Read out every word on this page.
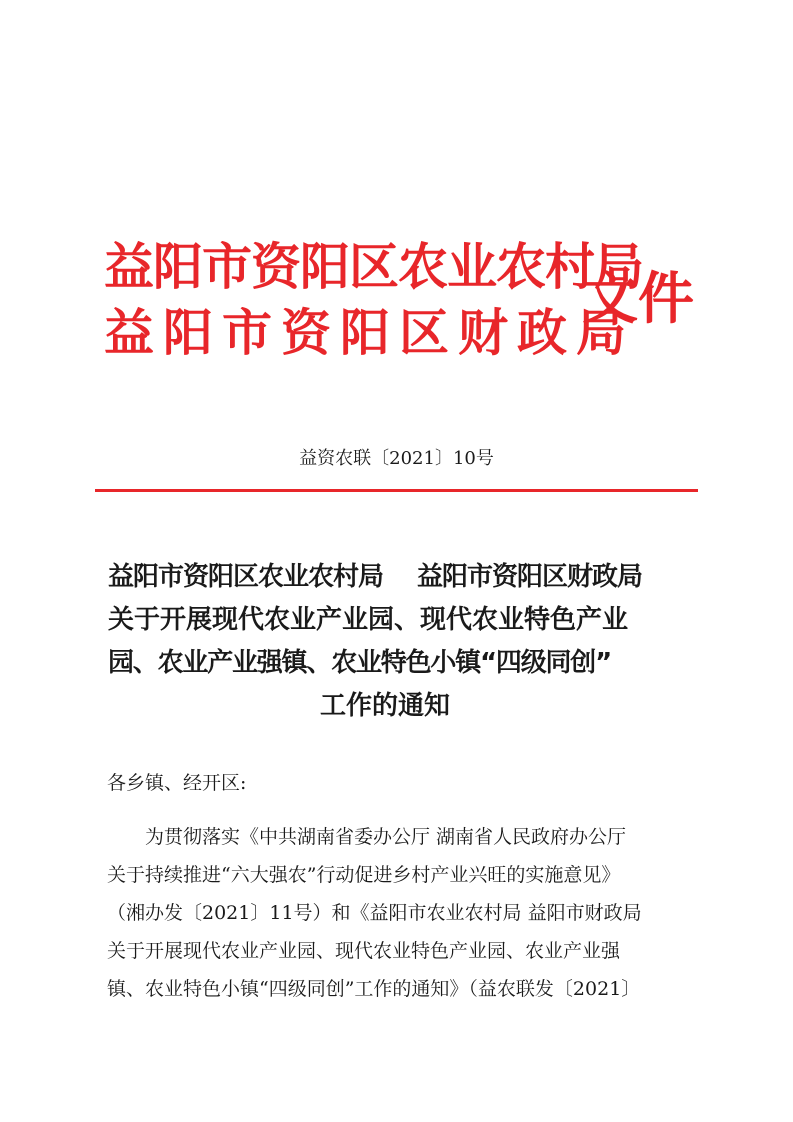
益阳市资阳区农业农村局
益阳市资阳区财政局
文件
益资农联〔2021〕10号
益阳市资阳区农业农村局 益阳市资阳区财政局
关于开展现代农业产业园、现代农业特色产业
园、农业产业强镇、农业特色小镇“四级同创”
工作的通知
各乡镇、经开区:
为贯彻落实《中共湖南省委办公厅 湖南省人民政府办公厅
关于持续推进“六大强农”行动促进乡村产业兴旺的实施意见》
（湘办发〔2021〕11号）和《益阳市农业农村局 益阳市财政局
关于开展现代农业产业园、现代农业特色产业园、农业产业强
镇、农业特色小镇“四级同创”工作的通知》（益农联发〔2021〕
